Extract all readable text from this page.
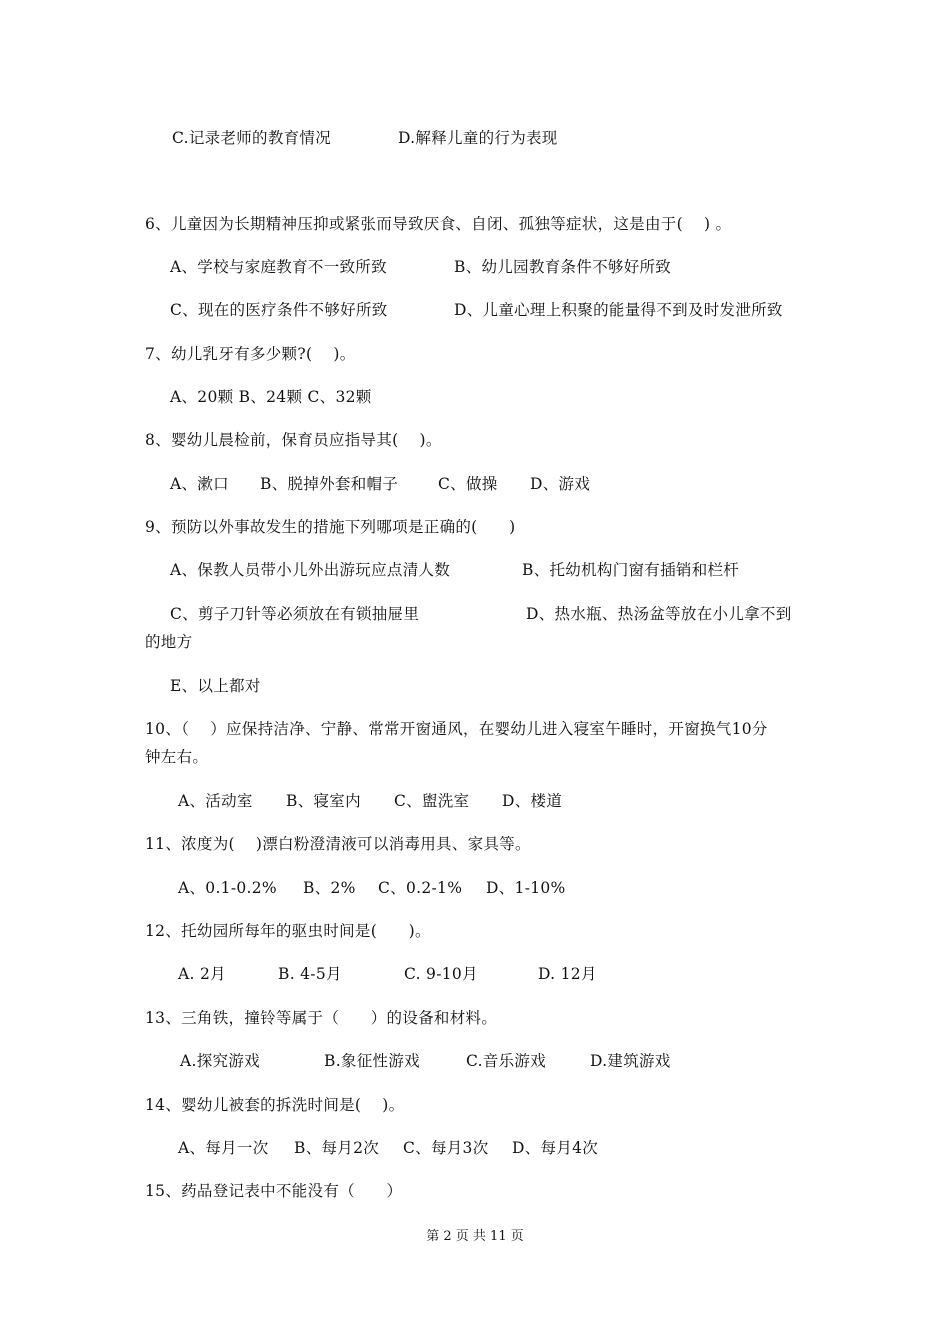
C.记录老师的教育情况	D.解释儿童的行为表现
6、儿童因为长期精神压抑或紧张而导致厌食、自闭、孤独等症状，这是由于(　 ) 。
A、学校与家庭教育不一致所致	B、幼儿园教育条件不够好所致
C、现在的医疗条件不够好所致	D、儿童心理上积聚的能量得不到及时发泄所致
7、幼儿乳牙有多少颗?(　 )。
A、20颗 B、24颗 C、32颗
8、婴幼儿晨检前，保育员应指导其(　 )。
A、漱口 B、脱掉外套和帽子	C、做操 D、游戏
9、预防以外事故发生的措施下列哪项是正确的(　　)
A、保教人员带小儿外出游玩应点清人数	B、托幼机构门窗有插销和栏杆
C、剪子刀针等必须放在有锁抽屉里	D、热水瓶、热汤盆等放在小儿拿不到
的地方
E、以上都对
10、（　 ）应保持洁净、宁静、常常开窗通风，在婴幼儿进入寝室午睡时，开窗换气10分
钟左右。
A、活动室 B、寝室内 C、盥洗室 D、楼道
11、浓度为(　 )漂白粉澄清液可以消毒用具、家具等。
A、0.1-0.2% B、2% C、0.2-1% D、1-10%
12、托幼园所每年的驱虫时间是(　　)。
A. 2月	B. 4-5月	C. 9-10月	D. 12月
13、三角铁，撞铃等属于（　　）的设备和材料。
A.探究游戏	B.象征性游戏	C.音乐游戏	D.建筑游戏
14、婴幼儿被套的拆洗时间是(　 )。
A、每月一次 B、每月2次 C、每月3次 D、每月4次
15、药品登记表中不能没有（　　）
第 2 页 共 11 页
